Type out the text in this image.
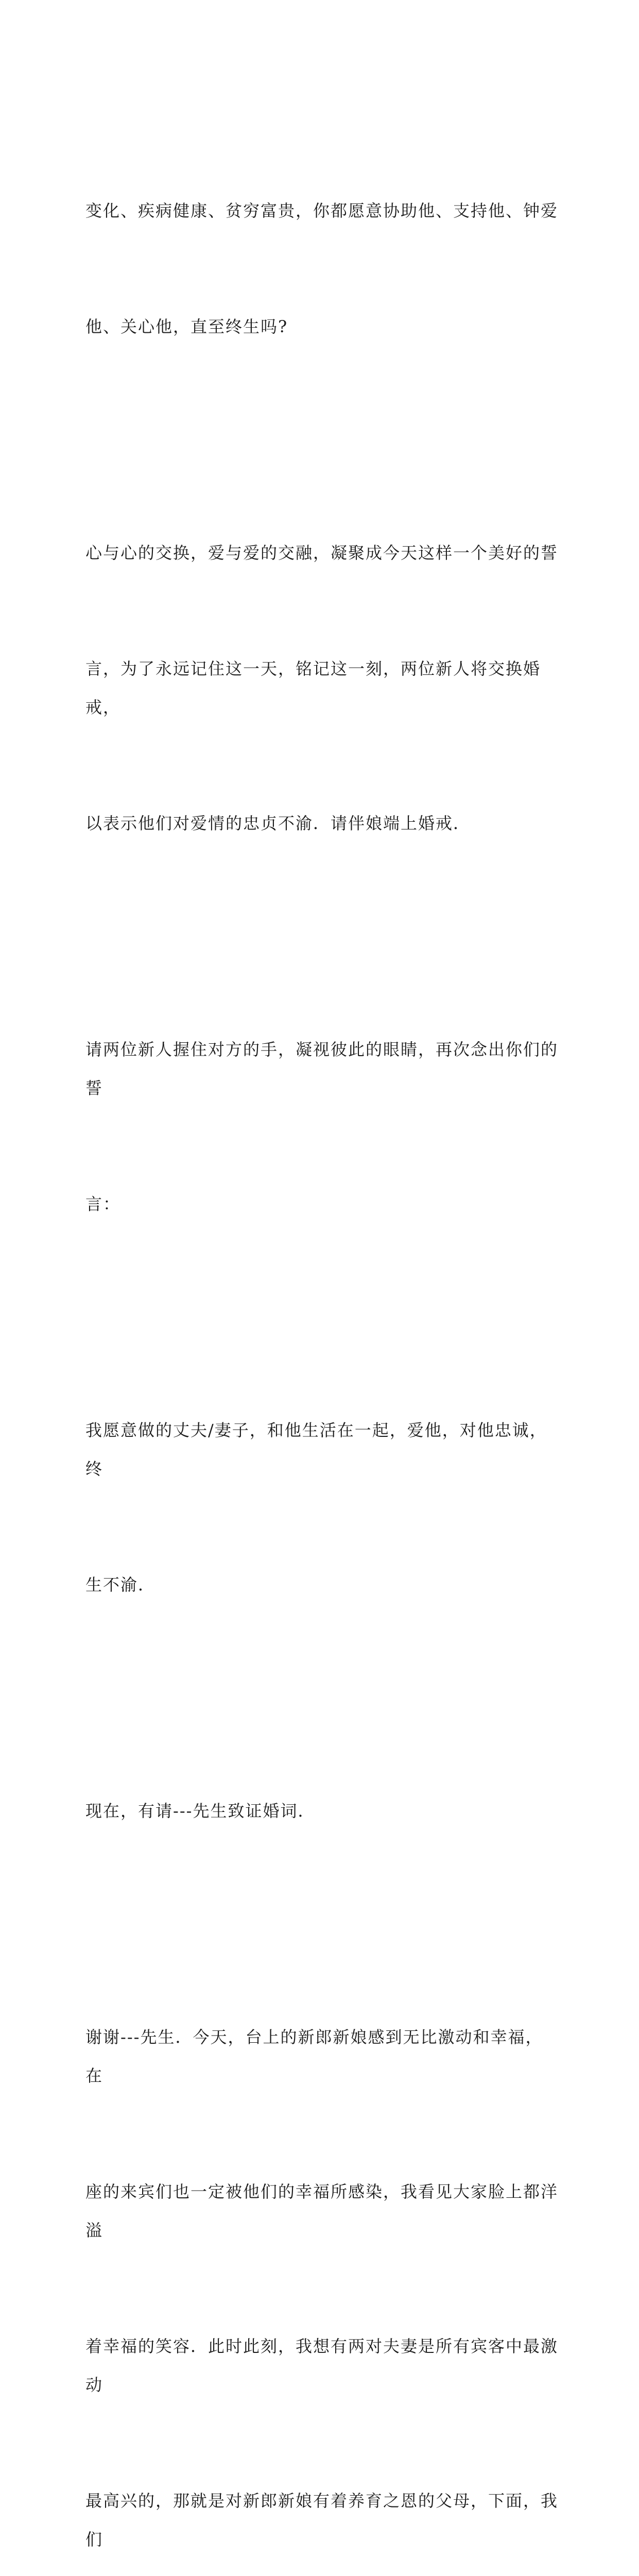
变化、疾病健康、贫穷富贵，你都愿意协助他、支持他、钟爱

他、关心他，直至终生吗?

心与心的交换，爱与爱的交融，凝聚成今天这样一个美好的誓

言，为了永远记住这一天，铭记这一刻，两位新人将交换婚戒，

以表示他们对爱情的忠贞不渝．请伴娘端上婚戒．

请两位新人握住对方的手，凝视彼此的眼睛，再次念出你们的誓

言：

我愿意做的丈夫/妻子，和他生活在一起，爱他，对他忠诚，终

生不渝．

现在，有请---先生致证婚词．

谢谢---先生．今天，台上的新郎新娘感到无比激动和幸福，在

座的来宾们也一定被他们的幸福所感染，我看见大家脸上都洋溢

着幸福的笑容．此时此刻，我想有两对夫妻是所有宾客中最激动

最高兴的，那就是对新郎新娘有着养育之恩的父母，下面，我们
